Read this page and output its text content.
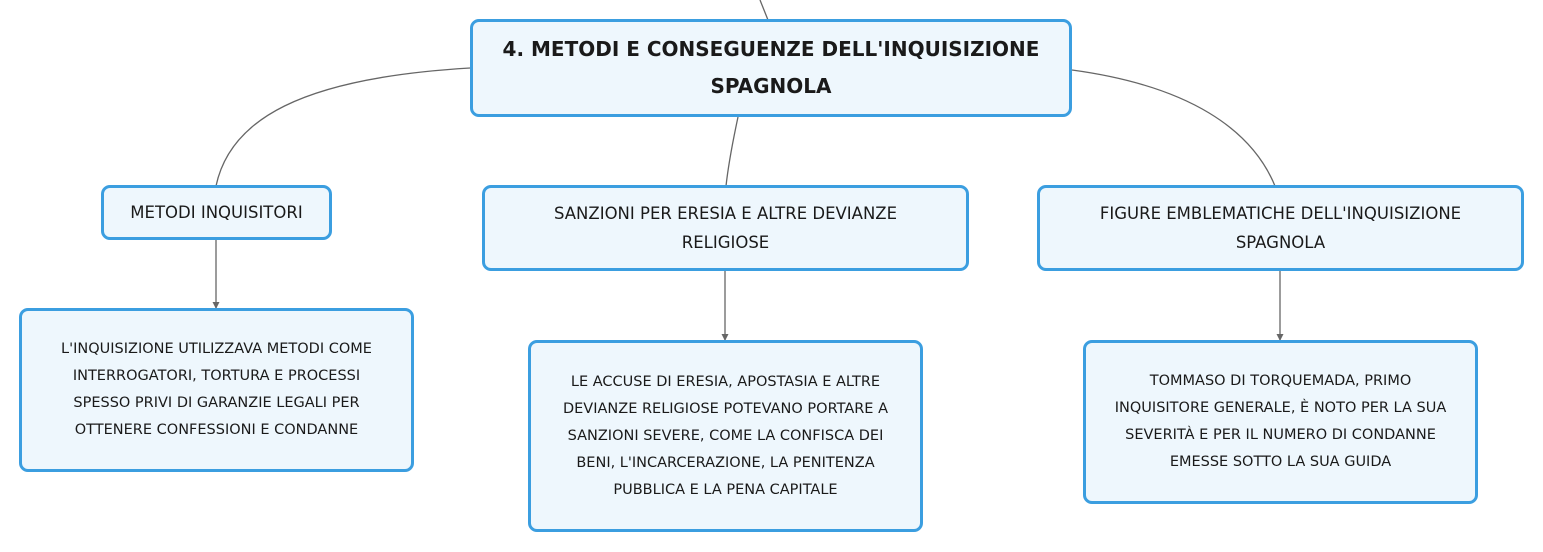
4. METODI E CONSEGUENZE DELL'INQUISIZIONE
SPAGNOLA
METODI INQUISITORI	SANZIONI PER ERESIA E ALTRE DEVIANZE
RELIGIOSE
FIGURE EMBLEMATICHE DELL'INQUISIZIONE
SPAGNOLA
L'INQUISIZIONE UTILIZZAVA METODI COME
INTERROGATORI, TORTURA E PROCESSI
SPESSO PRIVI DI GARANZIE LEGALI PER
OTTENERE CONFESSIONI E CONDANNE
LE ACCUSE DI ERESIA, APOSTASIA E ALTRE
DEVIANZE RELIGIOSE POTEVANO PORTARE A
SANZIONI SEVERE, COME LA CONFISCA DEI
BENI, L'INCARCERAZIONE, LA PENITENZA
PUBBLICA E LA PENA CAPITALE
TOMMASO DI TORQUEMADA, PRIMO
INQUISITORE GENERALE, È NOTO PER LA SUA
SEVERITÀ E PER IL NUMERO DI CONDANNE
EMESSE SOTTO LA SUA GUIDA
